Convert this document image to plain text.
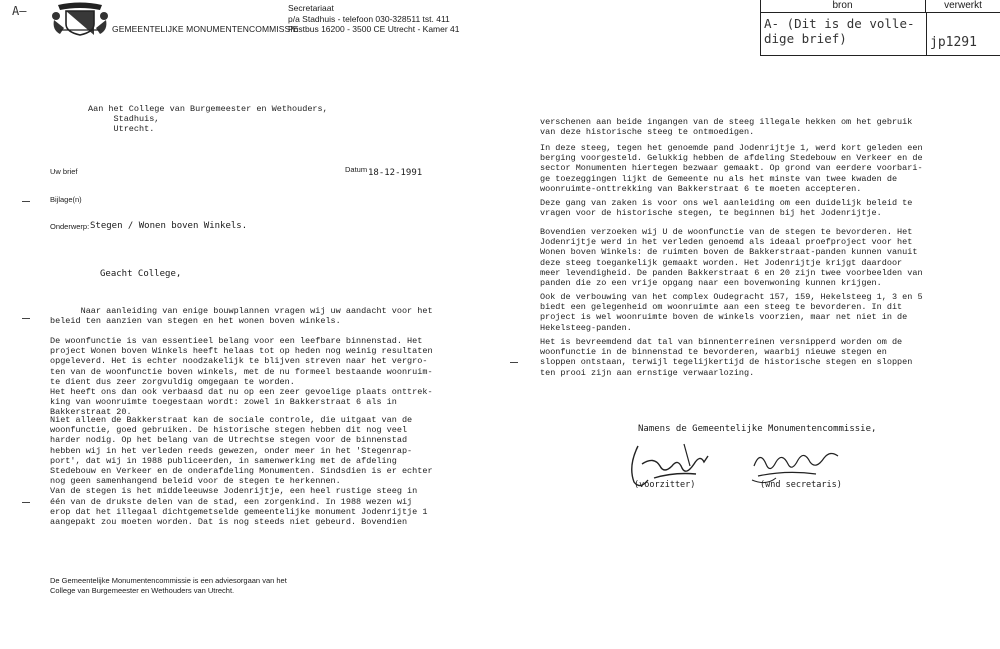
A—
GEMEENTELIJKE MONUMENTENCOMMISSIE
Secretariaat
p/a Stadhuis - telefoon 030-328511 tst. 411
Postbus 16200 - 3500 CE Utrecht - Kamer 41
bron	verwerkt
A- (Dit is de volle-
dige brief)	jp1291
Aan het College van Burgemeester en Wethouders,
Stadhuis,
Utrecht.
Uw brief	Datum 18-12-1991
Bijlage(n)
Onderwerp: Stegen / Wonen boven Winkels.
Geacht College,
Naar aanleiding van enige bouwplannen vragen wij uw aandacht voor het
beleid ten aanzien van stegen en het wonen boven winkels.
De woonfunctie is van essentieel belang voor een leefbare binnenstad. Het
project Wonen boven Winkels heeft helaas tot op heden nog weinig resultaten
opgeleverd. Het is echter noodzakelijk te blijven streven naar het vergro-
ten van de woonfunctie boven winkels, met de nu formeel bestaande woonruim-
te dient dus zeer zorgvuldig omgegaan te worden.
Het heeft ons dan ook verbaasd dat nu op een zeer gevoelige plaats onttrek-
king van woonruimte toegestaan wordt: zowel in Bakkerstraat 6 als in
Bakkerstraat 20.
Niet alleen de Bakkerstraat kan de sociale controle, die uitgaat van de
woonfunctie, goed gebruiken. De historische stegen hebben dit nog veel
harder nodig. Op het belang van de Utrechtse stegen voor de binnenstad
hebben wij in het verleden reeds gewezen, onder meer in het 'Stegenrap-
port', dat wij in 1988 publiceerden, in samenwerking met de afdeling
Stedebouw en Verkeer en de onderafdeling Monumenten. Sindsdien is er echter
nog geen samenhangend beleid voor de stegen te herkennen.
Van de stegen is het middeleeuwse Jodenrijtje, een heel rustige steeg in
één van de drukste delen van de stad, een zorgenkind. In 1988 wezen wij
erop dat het illegaal dichtgemetselde gemeentelijke monument Jodenrijtje 1
aangepakt zou moeten worden. Dat is nog steeds niet gebeurd. Bovendien
De Gemeentelijke Monumentencommissie is een adviesorgaan van het
College van Burgemeester en Wethouders van Utrecht.
verschenen aan beide ingangen van de steeg illegale hekken om het gebruik
van deze historische steeg te ontmoedigen.
In deze steeg, tegen het genoemde pand Jodenrijtje 1, werd kort geleden een
berging voorgesteld. Gelukkig hebben de afdeling Stedebouw en Verkeer en de
sector Monumenten hiertegen bezwaar gemaakt. Op grond van eerdere voorbari-
ge toezeggingen lijkt de Gemeente nu als het minste van twee kwaden de
woonruimte-onttrekking van Bakkerstraat 6 te moeten accepteren.
Deze gang van zaken is voor ons wel aanleiding om een duidelijk beleid te
vragen voor de historische stegen, te beginnen bij het Jodenrijtje.
Bovendien verzoeken wij U de woonfunctie van de stegen te bevorderen. Het
Jodenrijtje werd in het verleden genoemd als ideaal proefproject voor het
Wonen boven Winkels: de ruimten boven de Bakkerstraat-panden kunnen vanuit
deze steeg toegankelijk gemaakt worden. Het Jodenrijtje krijgt daardoor
meer levendigheid. De panden Bakkerstraat 6 en 20 zijn twee voorbeelden van
panden die zo een vrije opgang naar een bovenwoning kunnen krijgen.
Ook de verbouwing van het complex Oudegracht 157, 159, Hekelsteeg 1, 3 en 5
biedt een gelegenheid om woonruimte aan een steeg te bevorderen. In dit
project is wel woonruimte boven de winkels voorzien, maar net niet in de
Hekelsteeg-panden.
Het is bevreemdend dat tal van binnenterreinen versnipperd worden om de
woonfunctie in de binnenstad te bevorderen, waarbij nieuwe stegen en
sloppen ontstaan, terwijl tegelijkertijd de historische stegen en sloppen
ten prooi zijn aan ernstige verwaarlozing.
Namens de Gemeentelijke Monumentencommissie,
(voorzitter)	(wnd secretaris)
